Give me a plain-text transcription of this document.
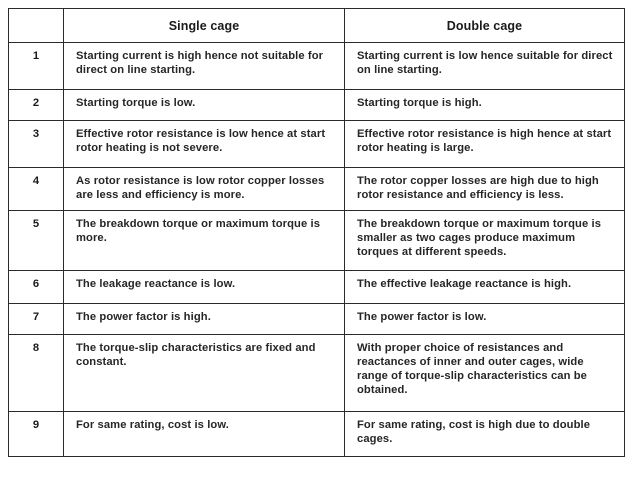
	Single cage	Double cage
1	Starting current is high hence not suitable for direct on line starting.	Starting current is low hence suitable for direct on line starting.
2	Starting torque is low.	Starting torque is high.
3	Effective rotor resistance is low hence at start rotor heating is not severe.	Effective rotor resistance is high hence at start rotor heating is large.
4	As rotor resistance is low rotor copper losses are less and efficiency is more.	The rotor copper losses are high due to high rotor resistance and efficiency is less.
5	The breakdown torque or maximum torque is more.	The breakdown torque or maximum torque is smaller as two cages produce maximum torques at different speeds.
6	The leakage reactance is low.	The effective leakage reactance is high.
7	The power factor is high.	The power factor is low.
8	The torque-slip characteristics are fixed and constant.	With proper choice of resistances and reactances of inner and outer cages, wide range of torque-slip characteristics can be obtained.
9	For same rating, cost is low.	For same rating, cost is high due to double cages.
